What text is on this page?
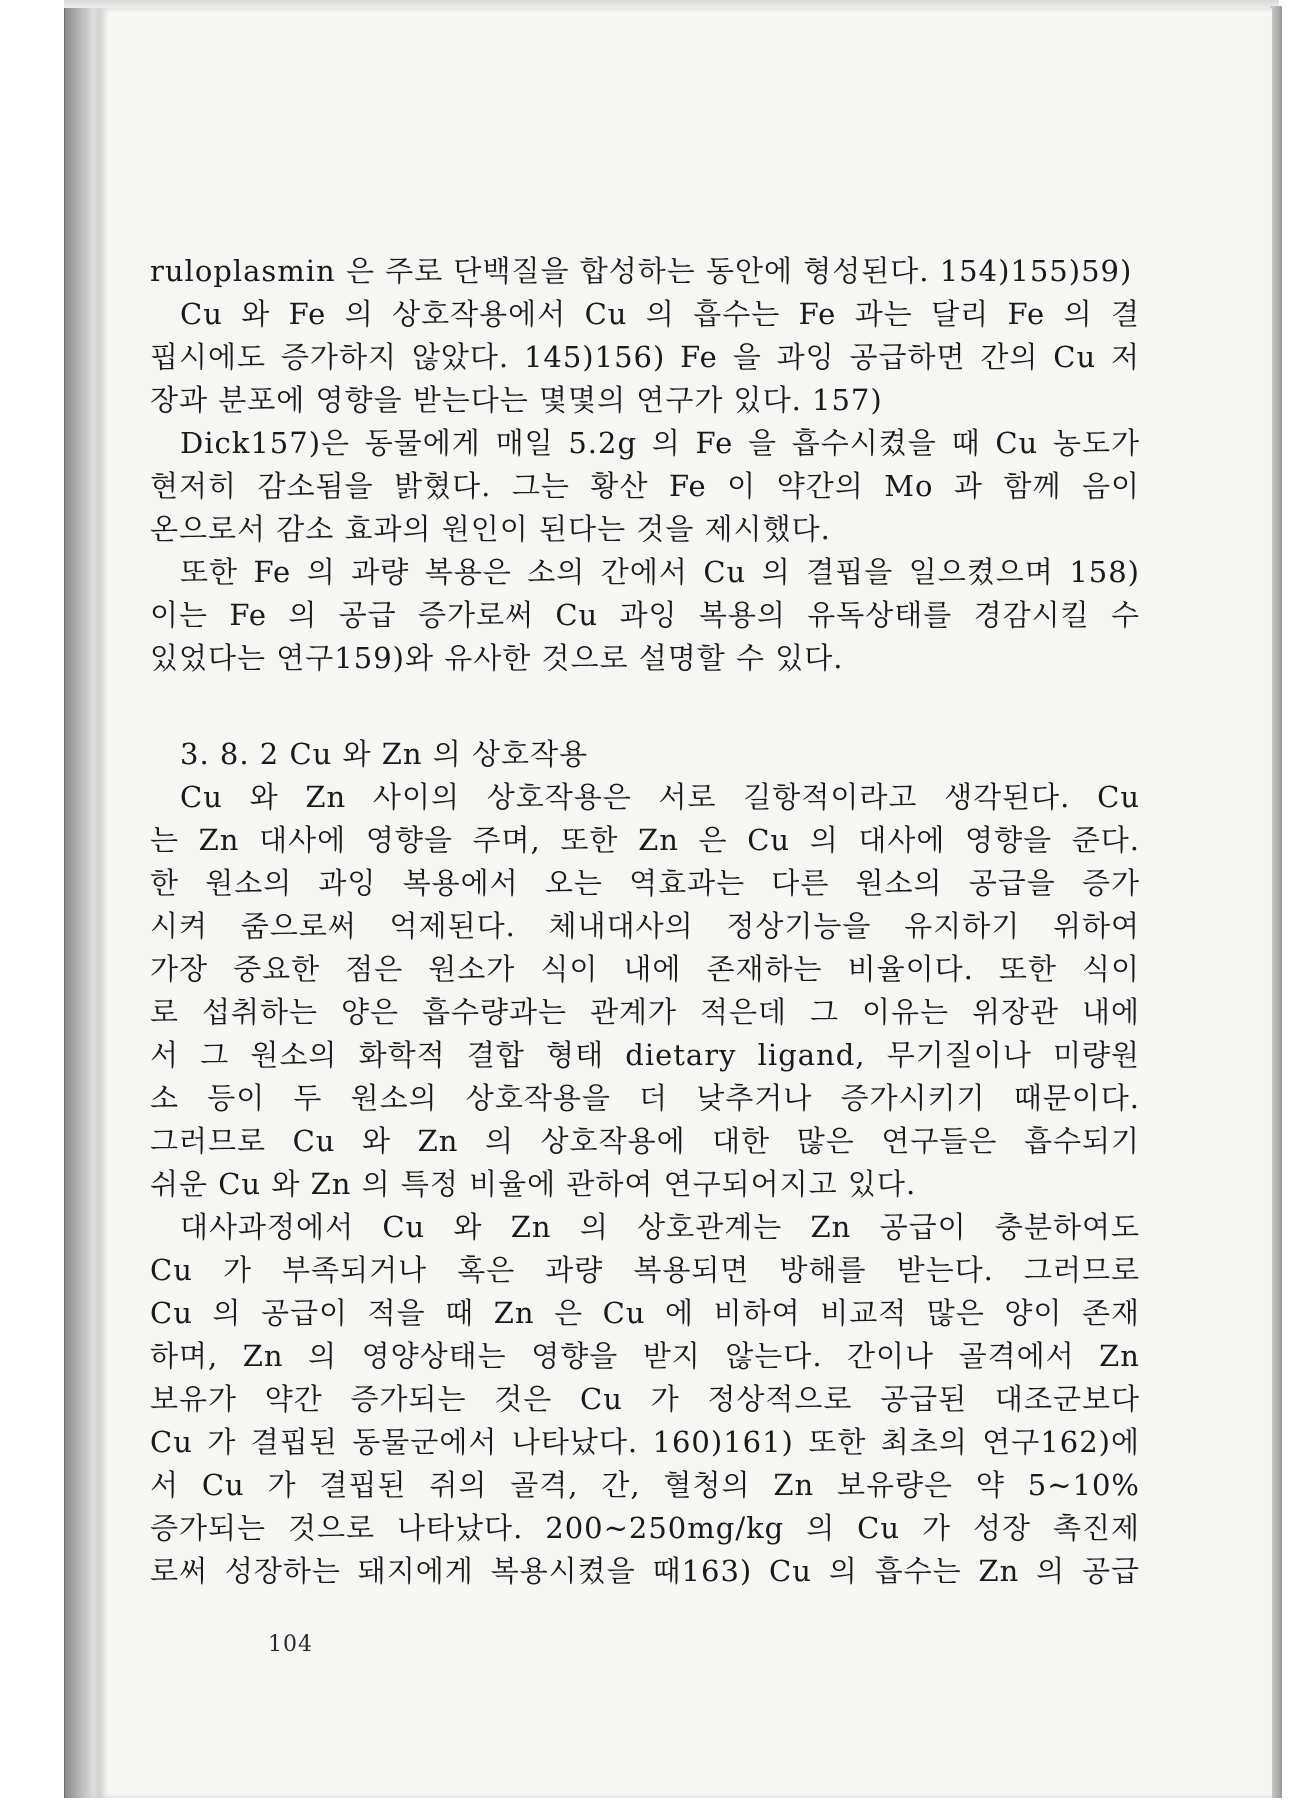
ruloplasmin 은 주로 단백질을 합성하는 동안에 형성된다. 154)155)59)
Cu 와 Fe 의 상호작용에서 Cu 의 흡수는 Fe 과는 달리 Fe 의 결
핍시에도 증가하지 않았다. 145)156) Fe 을 과잉 공급하면 간의 Cu 저
장과 분포에 영향을 받는다는 몇몇의 연구가 있다. 157)
Dick157)은 동물에게 매일 5.2g 의 Fe 을 흡수시켰을 때 Cu 농도가
현저히 감소됨을 밝혔다. 그는 황산 Fe 이 약간의 Mo 과 함께 음이
온으로서 감소 효과의 원인이 된다는 것을 제시했다.
또한 Fe 의 과량 복용은 소의 간에서 Cu 의 결핍을 일으켰으며 158)
이는 Fe 의 공급 증가로써 Cu 과잉 복용의 유독상태를 경감시킬 수
있었다는 연구159)와 유사한 것으로 설명할 수 있다.
3. 8. 2 Cu 와 Zn 의 상호작용
Cu 와 Zn 사이의 상호작용은 서로 길항적이라고 생각된다. Cu
는 Zn 대사에 영향을 주며, 또한 Zn 은 Cu 의 대사에 영향을 준다.
한 원소의 과잉 복용에서 오는 역효과는 다른 원소의 공급을 증가
시켜 줌으로써 억제된다. 체내대사의 정상기능을 유지하기 위하여
가장 중요한 점은 원소가 식이 내에 존재하는 비율이다. 또한 식이
로 섭취하는 양은 흡수량과는 관계가 적은데 그 이유는 위장관 내에
서 그 원소의 화학적 결합 형태 dietary ligand, 무기질이나 미량원
소 등이 두 원소의 상호작용을 더 낮추거나 증가시키기 때문이다.
그러므로 Cu 와 Zn 의 상호작용에 대한 많은 연구들은 흡수되기
쉬운 Cu 와 Zn 의 특정 비율에 관하여 연구되어지고 있다.
대사과정에서 Cu 와 Zn 의 상호관계는 Zn 공급이 충분하여도
Cu 가 부족되거나 혹은 과량 복용되면 방해를 받는다. 그러므로
Cu 의 공급이 적을 때 Zn 은 Cu 에 비하여 비교적 많은 양이 존재
하며, Zn 의 영양상태는 영향을 받지 않는다. 간이나 골격에서 Zn
보유가 약간 증가되는 것은 Cu 가 정상적으로 공급된 대조군보다
Cu 가 결핍된 동물군에서 나타났다. 160)161) 또한 최초의 연구162)에
서 Cu 가 결핍된 쥐의 골격, 간, 혈청의 Zn 보유량은 약 5∼10%
증가되는 것으로 나타났다. 200∼250mg/kg 의 Cu 가 성장 촉진제
로써 성장하는 돼지에게 복용시켰을 때163) Cu 의 흡수는 Zn 의 공급
104
